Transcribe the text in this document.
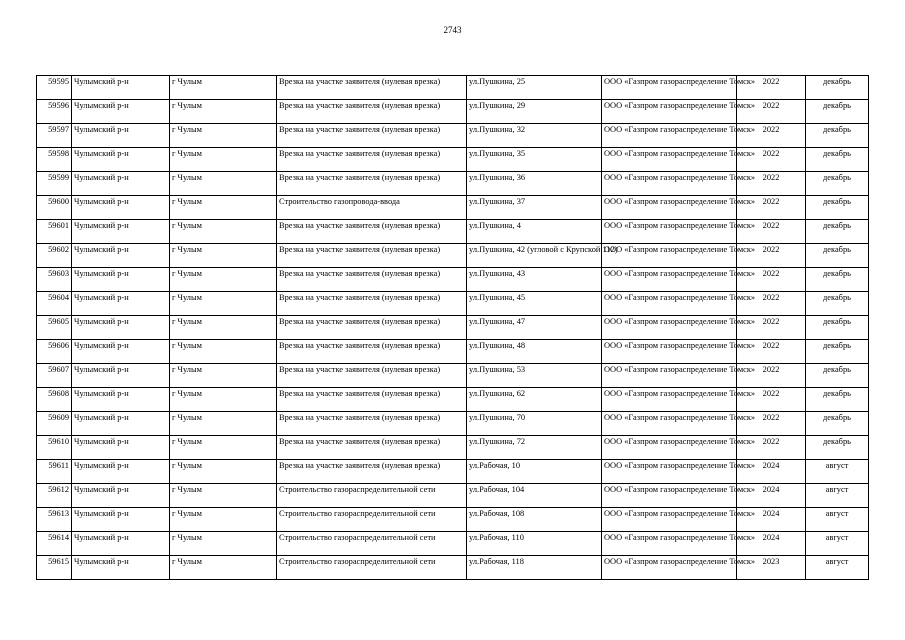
2743
59595	Чулымский р-н	г Чулым	Врезка на участке заявителя (нулевая врезка)	ул.Пушкина, 25	ООО «Газпром газораспределение Томск»	2022	декабрь
59596	Чулымский р-н	г Чулым	Врезка на участке заявителя (нулевая врезка)	ул.Пушкина, 29	ООО «Газпром газораспределение Томск»	2022	декабрь
59597	Чулымский р-н	г Чулым	Врезка на участке заявителя (нулевая врезка)	ул.Пушкина, 32	ООО «Газпром газораспределение Томск»	2022	декабрь
59598	Чулымский р-н	г Чулым	Врезка на участке заявителя (нулевая врезка)	ул.Пушкина, 35	ООО «Газпром газораспределение Томск»	2022	декабрь
59599	Чулымский р-н	г Чулым	Врезка на участке заявителя (нулевая врезка)	ул.Пушкина, 36	ООО «Газпром газораспределение Томск»	2022	декабрь
59600	Чулымский р-н	г Чулым	Строительство газопровода-ввода	ул.Пушкина, 37	ООО «Газпром газораспределение Томск»	2022	декабрь
59601	Чулымский р-н	г Чулым	Врезка на участке заявителя (нулевая врезка)	ул.Пушкина, 4	ООО «Газпром газораспределение Томск»	2022	декабрь
59602	Чулымский р-н	г Чулым	Врезка на участке заявителя (нулевая врезка)	ул.Пушкина, 42 (угловой с Крупской 112)	ООО «Газпром газораспределение Томск»	2022	декабрь
59603	Чулымский р-н	г Чулым	Врезка на участке заявителя (нулевая врезка)	ул.Пушкина, 43	ООО «Газпром газораспределение Томск»	2022	декабрь
59604	Чулымский р-н	г Чулым	Врезка на участке заявителя (нулевая врезка)	ул.Пушкина, 45	ООО «Газпром газораспределение Томск»	2022	декабрь
59605	Чулымский р-н	г Чулым	Врезка на участке заявителя (нулевая врезка)	ул.Пушкина, 47	ООО «Газпром газораспределение Томск»	2022	декабрь
59606	Чулымский р-н	г Чулым	Врезка на участке заявителя (нулевая врезка)	ул.Пушкина, 48	ООО «Газпром газораспределение Томск»	2022	декабрь
59607	Чулымский р-н	г Чулым	Врезка на участке заявителя (нулевая врезка)	ул.Пушкина, 53	ООО «Газпром газораспределение Томск»	2022	декабрь
59608	Чулымский р-н	г Чулым	Врезка на участке заявителя (нулевая врезка)	ул.Пушкина, 62	ООО «Газпром газораспределение Томск»	2022	декабрь
59609	Чулымский р-н	г Чулым	Врезка на участке заявителя (нулевая врезка)	ул.Пушкина, 70	ООО «Газпром газораспределение Томск»	2022	декабрь
59610	Чулымский р-н	г Чулым	Врезка на участке заявителя (нулевая врезка)	ул.Пушкина, 72	ООО «Газпром газораспределение Томск»	2022	декабрь
59611	Чулымский р-н	г Чулым	Врезка на участке заявителя (нулевая врезка)	ул.Рабочая, 10	ООО «Газпром газораспределение Томск»	2024	август
59612	Чулымский р-н	г Чулым	Строительство газораспределительной сети	ул.Рабочая, 104	ООО «Газпром газораспределение Томск»	2024	август
59613	Чулымский р-н	г Чулым	Строительство газораспределительной сети	ул.Рабочая, 108	ООО «Газпром газораспределение Томск»	2024	август
59614	Чулымский р-н	г Чулым	Строительство газораспределительной сети	ул.Рабочая, 110	ООО «Газпром газораспределение Томск»	2024	август
59615	Чулымский р-н	г Чулым	Строительство газораспределительной сети	ул.Рабочая, 118	ООО «Газпром газораспределение Томск»	2023	август
